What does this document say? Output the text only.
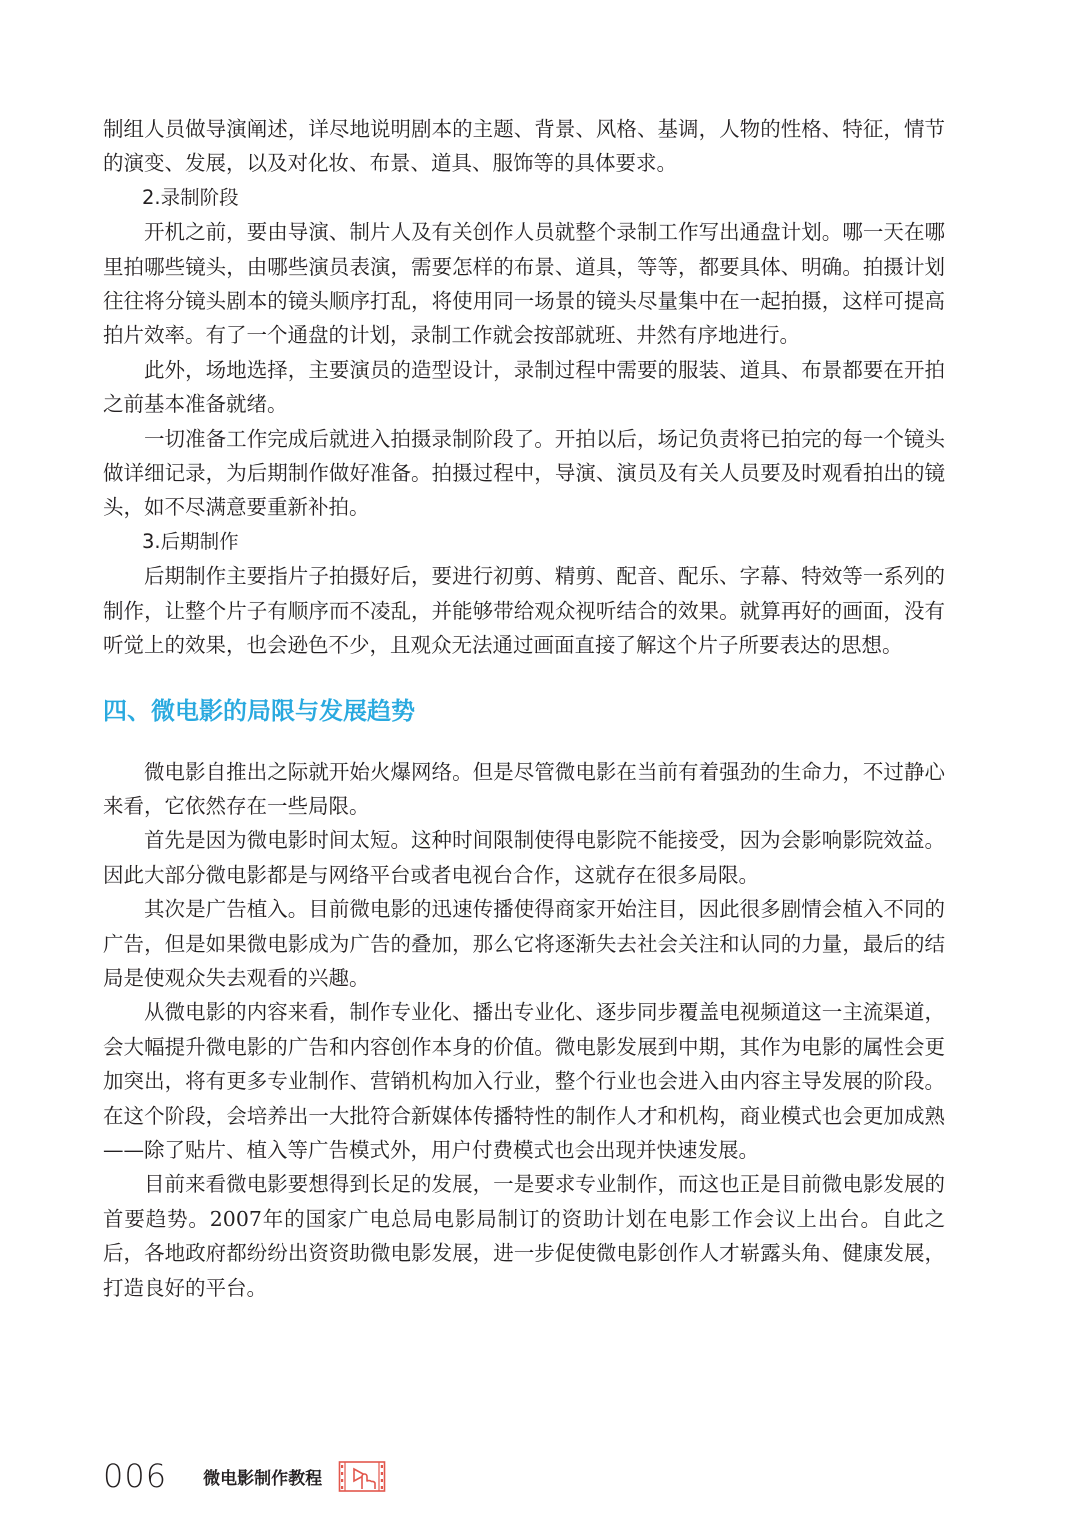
制组人员做导演阐述，详尽地说明剧本的主题、背景、风格、基调，人物的性格、特征，情节的演变、发展，以及对化妆、布景、道具、服饰等的具体要求。

2.录制阶段

开机之前，要由导演、制片人及有关创作人员就整个录制工作写出通盘计划。哪一天在哪里拍哪些镜头，由哪些演员表演，需要怎样的布景、道具，等等，都要具体、明确。拍摄计划往往将分镜头剧本的镜头顺序打乱，将使用同一场景的镜头尽量集中在一起拍摄，这样可提高拍片效率。有了一个通盘的计划，录制工作就会按部就班、井然有序地进行。

此外，场地选择，主要演员的造型设计，录制过程中需要的服装、道具、布景都要在开拍之前基本准备就绪。

一切准备工作完成后就进入拍摄录制阶段了。开拍以后，场记负责将已拍完的每一个镜头做详细记录，为后期制作做好准备。拍摄过程中，导演、演员及有关人员要及时观看拍出的镜头，如不尽满意要重新补拍。

3.后期制作

后期制作主要指片子拍摄好后，要进行初剪、精剪、配音、配乐、字幕、特效等一系列的制作，让整个片子有顺序而不凌乱，并能够带给观众视听结合的效果。就算再好的画面，没有听觉上的效果，也会逊色不少，且观众无法通过画面直接了解这个片子所要表达的思想。

四、微电影的局限与发展趋势

微电影自推出之际就开始火爆网络。但是尽管微电影在当前有着强劲的生命力，不过静心来看，它依然存在一些局限。

首先是因为微电影时间太短。这种时间限制使得电影院不能接受，因为会影响影院效益。因此大部分微电影都是与网络平台或者电视台合作，这就存在很多局限。

其次是广告植入。目前微电影的迅速传播使得商家开始注目，因此很多剧情会植入不同的广告，但是如果微电影成为广告的叠加，那么它将逐渐失去社会关注和认同的力量，最后的结局是使观众失去观看的兴趣。

从微电影的内容来看，制作专业化、播出专业化、逐步同步覆盖电视频道这一主流渠道，会大幅提升微电影的广告和内容创作本身的价值。微电影发展到中期，其作为电影的属性会更加突出，将有更多专业制作、营销机构加入行业，整个行业也会进入由内容主导发展的阶段。在这个阶段，会培养出一大批符合新媒体传播特性的制作人才和机构，商业模式也会更加成熟——除了贴片、植入等广告模式外，用户付费模式也会出现并快速发展。

目前来看微电影要想得到长足的发展，一是要求专业制作，而这也正是目前微电影发展的首要趋势。2007年的国家广电总局电影局制订的资助计划在电影工作会议上出台。自此之后，各地政府都纷纷出资资助微电影发展，进一步促使微电影创作人才崭露头角、健康发展，打造良好的平台。

006 微电影制作教程
